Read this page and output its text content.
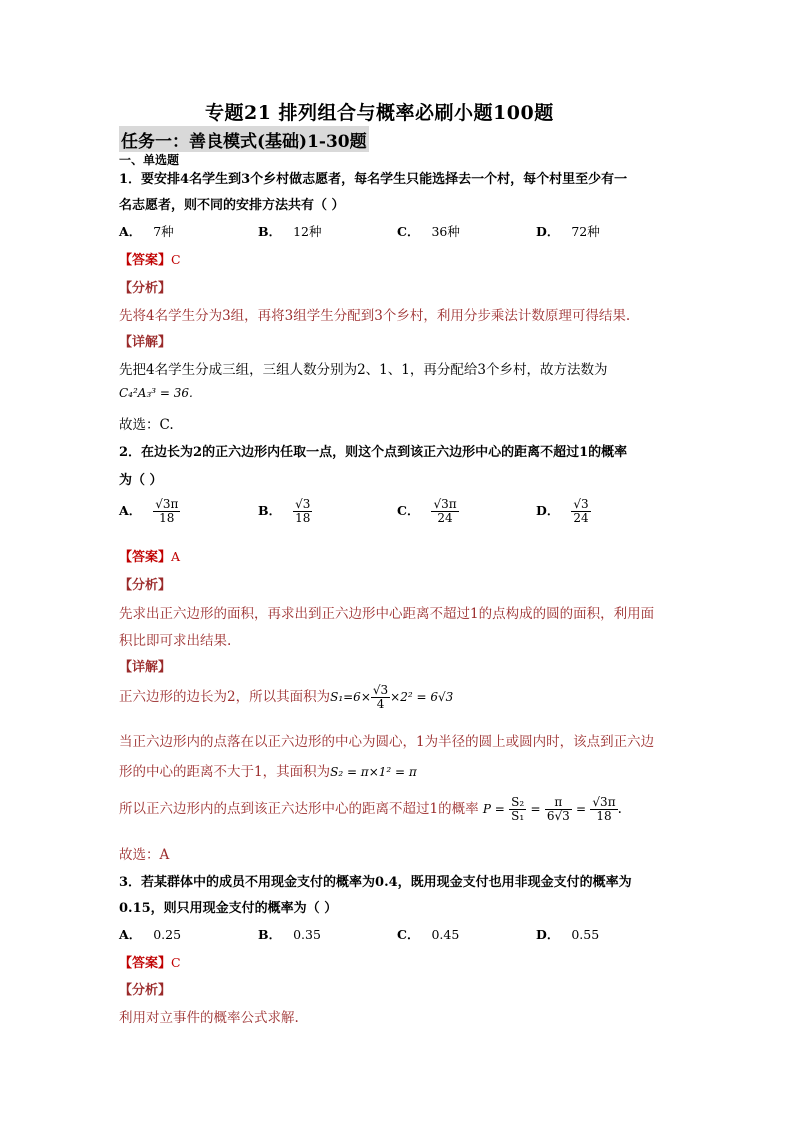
专题21 排列组合与概率必刷小题100题
任务一：善良模式(基础)1-30题
一、单选题
1．要安排4名学生到3个乡村做志愿者，每名学生只能选择去一个村，每个村里至少有一
名志愿者，则不同的安排方法共有（ ）
A． 7种	B． 12种	C． 36种	D． 72种
【答案】C
【分析】
先将4名学生分为3组，再将3组学生分配到3个乡村，利用分步乘法计数原理可得结果.
【详解】
先把4名学生分成三组，三组人数分别为2、1、1，再分配给3个乡村，故方法数为
C₄²A₃³ = 36.
故选：C.
2．在边长为2的正六边形内任取一点，则这个点到该正六边形中心的距离不超过1的概率
为（ ）
A． $\frac{√3\pi}{18}$	B． $\frac{√3}{18}$	C． $\frac{√3\pi}{24}$	D． $\frac{√3}{24}$
【答案】A
【分析】
先求出正六边形的面积，再求出到正六边形中心距离不超过1的点构成的圆的面积，利用面
积比即可求出结果.
【详解】
正六边形的边长为2，所以其面积为$S_1=6\times \frac{√3}{4} \times 2^2 = 6√3$
当正六边形内的点落在以正六边形的中心为圆心，1为半径的圆上或圆内时，该点到正六边
形的中心的距离不大于1，其面积为S₂ = π×1² = π
所以正六边形内的点到该正六达形中心的距离不超过1的概率 $P = \frac{\text{S₂}}{\text{S₁}} = \frac{\pi}{6√3} = \frac{√3\pi}{18}$ .
故选：A
3．若某群体中的成员不用现金支付的概率为0.4，既用现金支付也用非现金支付的概率为
0.15，则只用现金支付的概率为（ ）
A． 0.25	B． 0.35	C． 0.45	D． 0.55
【答案】C
【分析】
利用对立事件的概率公式求解.
